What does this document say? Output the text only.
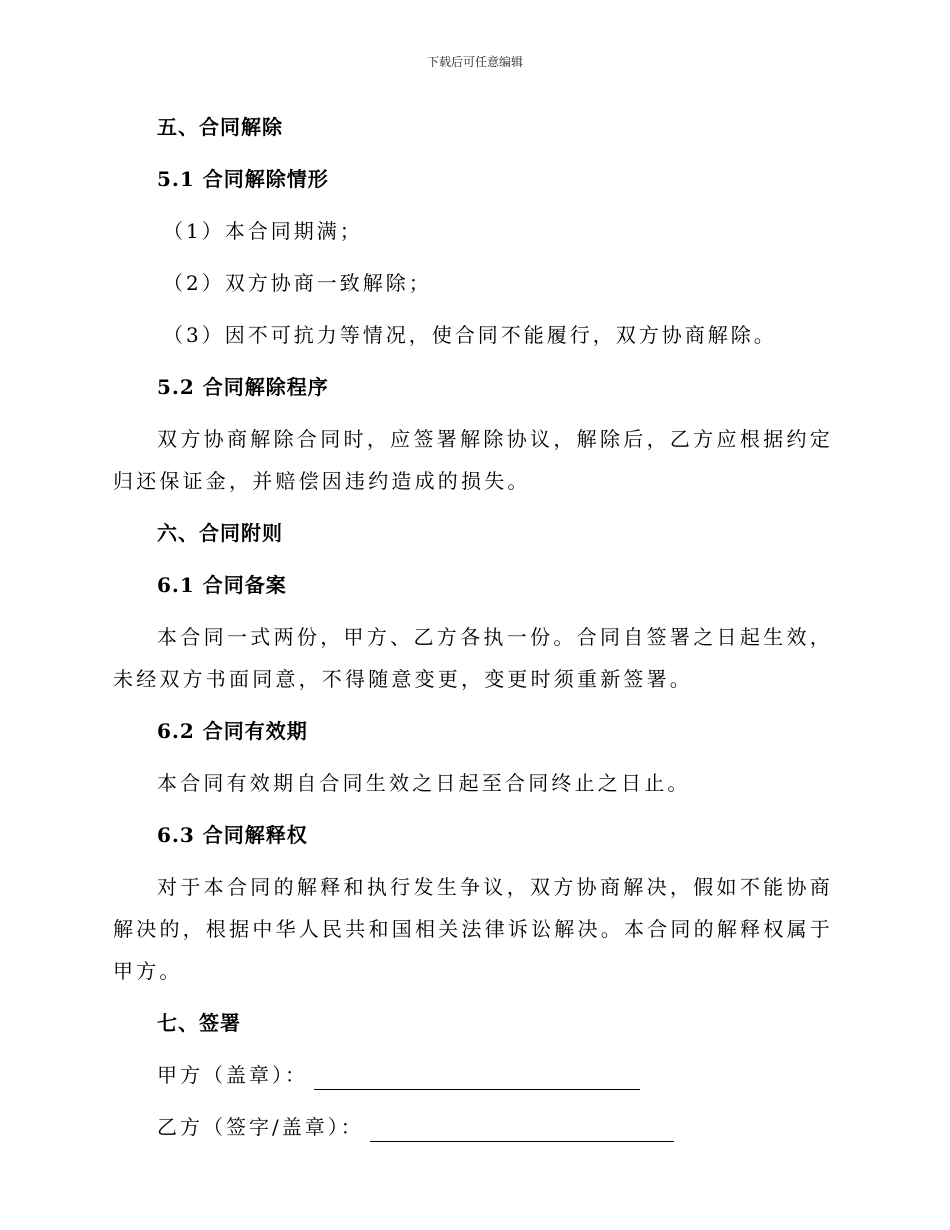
下载后可任意编辑
五、合同解除
5.1 合同解除情形
（1）本合同期满；
（2）双方协商一致解除；
（3）因不可抗力等情况，使合同不能履行，双方协商解除。
5.2 合同解除程序
双方协商解除合同时，应签署解除协议，解除后，乙方应根据约定归还保证金，并赔偿因违约造成的损失。
六、合同附则
6.1 合同备案
本合同一式两份，甲方、乙方各执一份。合同自签署之日起生效，未经双方书面同意，不得随意变更，变更时须重新签署。
6.2 合同有效期
本合同有效期自合同生效之日起至合同终止之日止。
6.3 合同解释权
对于本合同的解释和执行发生争议，双方协商解决，假如不能协商解决的，根据中华人民共和国相关法律诉讼解决。本合同的解释权属于甲方。
七、签署
甲方（盖章）：
乙方（签字/盖章）：
